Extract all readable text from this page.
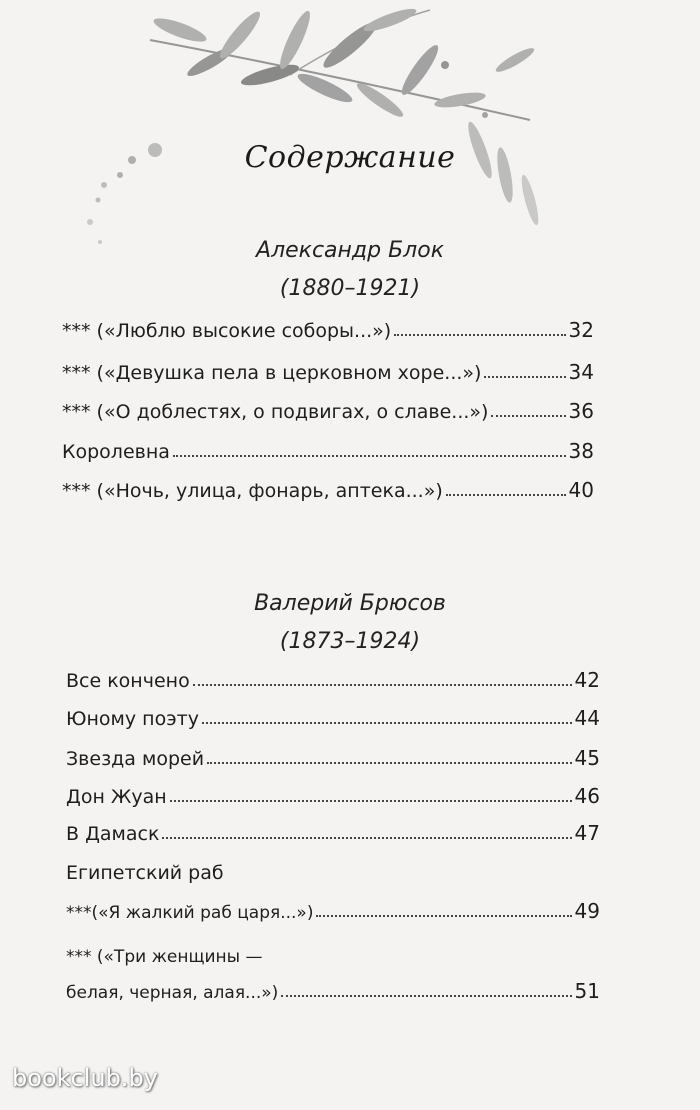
Содержание
Александр Блок
(1880–1921)
*** («Люблю высокие соборы...»)	32
*** («Девушка пела в церковном хоре...»)	34
*** («О доблестях, о подвигах, о славе...»)	36
Королевна	38
*** («Ночь, улица, фонарь, аптека...»)	40
Валерий Брюсов
(1873–1924)
Все кончено	42
Юному поэту	44
Звезда морей	45
Дон Жуан	46
В Дамаск	47
Египетский раб
***(«Я жалкий раб царя...»)	49
*** («Три женщины —
белая, черная, алая...»)	51
bookclub.by
